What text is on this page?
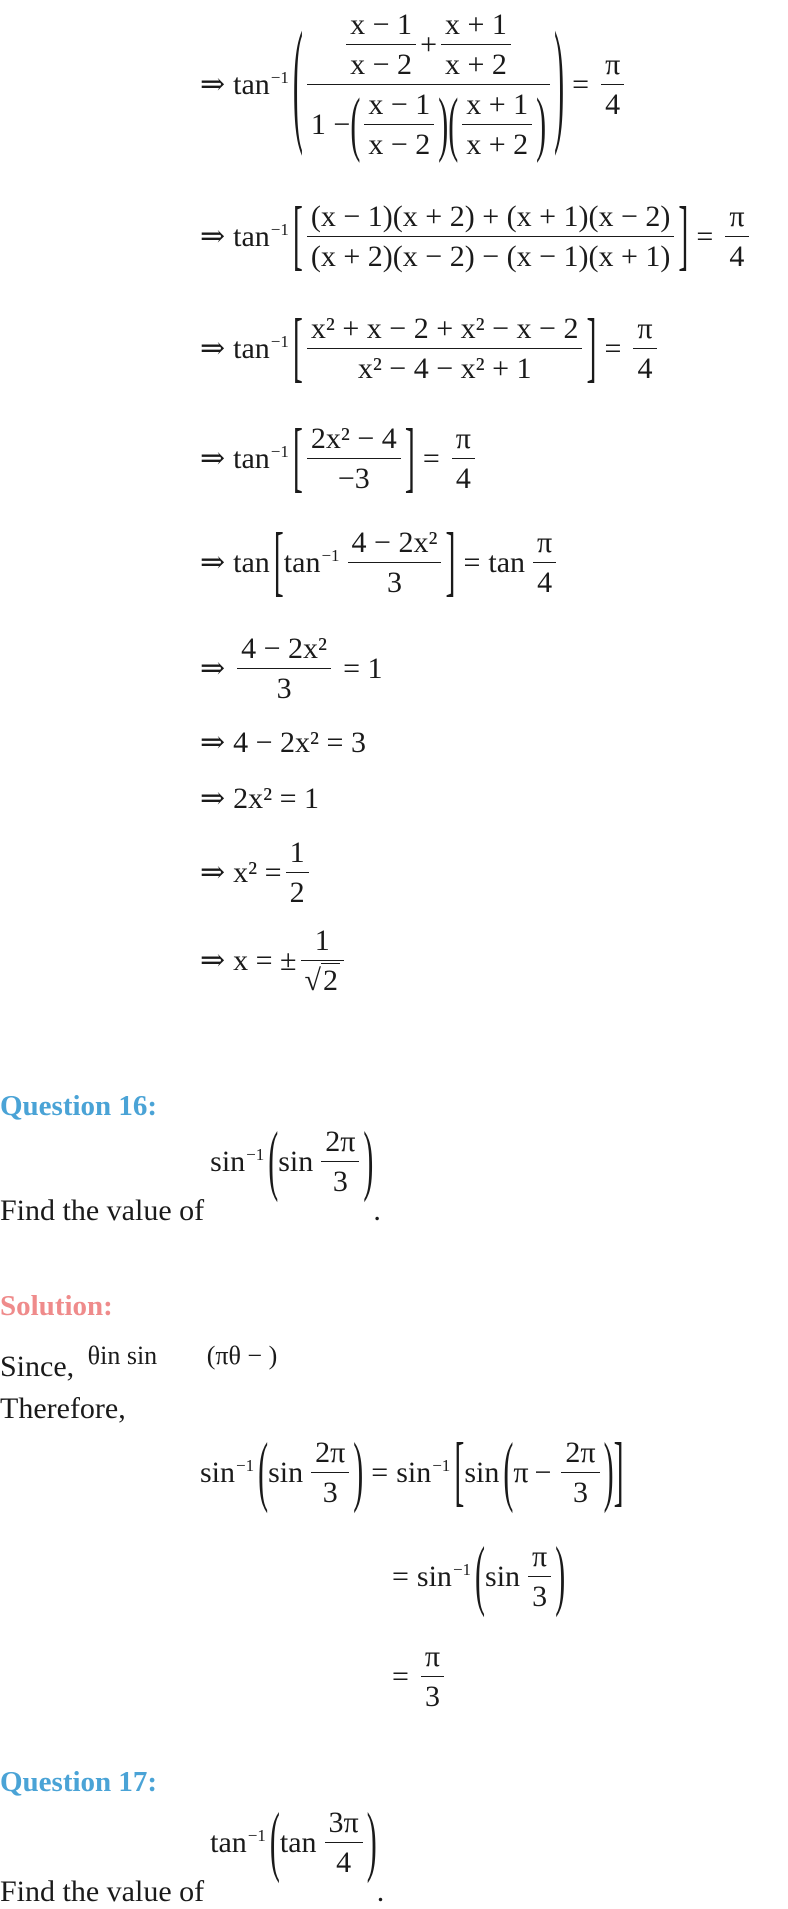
⇒ $\tan^{-1}$ ( $\frac{x - 1}{x - 2} + \frac{x + 1}{x + 2}$
1 − ( $\frac{x - 1}{x - 2}$ ) ( $\frac{x + 1}{x + 2}$ ) ) = $\frac{\pi}{4}$
⇒ $\tan^{-1}$ [ $\frac{(x - 1)(x + 2) + (x + 1)(x - 2)}{(x + 2)(x - 2) - (x - 1)(x + 1)}$ ] = $\frac{\pi}{4}$
⇒ $\tan^{-1}$ [ $\frac{\text{x² + x − 2 + x² − x − 2}}{\text{x² − 4 − x² + 1}}$ ] = $\frac{\pi}{4}$
⇒ $\tan^{-1}$ [ $\frac{\text{2x² − 4}}{-3}$ ] = $\frac{\pi}{4}$
⇒ tan [ $\tan^{-1} \frac{\text{4 − 2x²}}{3}$ ] = $\tan \frac{\pi}{4}$
⇒ $\frac{\text{4 − 2x²}}{3} = 1$
⇒ 4 − 2x² = 3
⇒ 2x² = 1
⇒ $x^2 = \frac{1}{2}$
⇒ x = ± $\frac{1}{√2}$
Question 16:
Find the value of
$\sin^{-1}$ ( $\sin \frac{2\pi}{3}$ )
.
Solution:
Since, θin sin (πθ − )
Therefore,
$\sin^{-1}$ ( $\sin \frac{2\pi}{3}$ ) = $\sin^{-1}$ [ sin ( $\pi - \frac{2\pi}{3}$ ) ]
= $\sin^{-1}$ ( $\sin \frac{\pi}{3}$ )
= $\frac{\pi}{3}$
Question 17:
Find the value of
$\tan^{-1}$ ( $\tan \frac{3\pi}{4}$ )
.
